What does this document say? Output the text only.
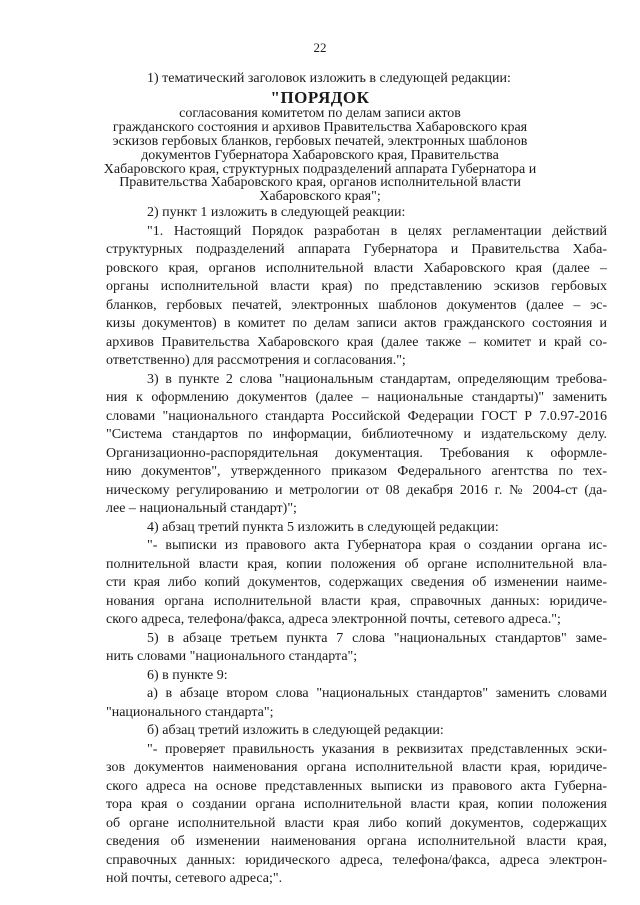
22
1) тематический заголовок изложить в следующей редакции:
"ПОРЯДОК
согласования комитетом по делам записи актов
гражданского состояния и архивов Правительства Хабаровского края
эскизов гербовых бланков, гербовых печатей, электронных шаблонов
документов Губернатора Хабаровского края, Правительства
Хабаровского края, структурных подразделений аппарата Губернатора и
Правительства Хабаровского края, органов исполнительной власти
Хабаровского края";
2) пункт 1 изложить в следующей реакции:
"1. Настоящий Порядок разработан в целях регламентации действий
структурных подразделений аппарата Губернатора и Правительства Хаба-
ровского края, органов исполнительной власти Хабаровского края (далее –
органы исполнительной власти края) по представлению эскизов гербовых
бланков, гербовых печатей, электронных шаблонов документов (далее – эс-
кизы документов) в комитет по делам записи актов гражданского состояния и
архивов Правительства Хабаровского края (далее также – комитет и край со-
ответственно) для рассмотрения и согласования.";
3) в пункте 2 слова "национальным стандартам, определяющим требова-
ния к оформлению документов (далее – национальные стандарты)" заменить
словами "национального стандарта Российской Федерации ГОСТ Р 7.0.97-2016
"Система стандартов по информации, библиотечному и издательскому делу.
Организационно-распорядительная документация. Требования к оформле-
нию документов", утвержденного приказом Федерального агентства по тех-
ническому регулированию и метрологии от 08 декабря 2016 г. № 2004-ст (да-
лее – национальный стандарт)";
4) абзац третий пункта 5 изложить в следующей редакции:
"- выписки из правового акта Губернатора края о создании органа ис-
полнительной власти края, копии положения об органе исполнительной вла-
сти края либо копий документов, содержащих сведения об изменении наиме-
нования органа исполнительной власти края, справочных данных: юридиче-
ского адреса, телефона/факса, адреса электронной почты, сетевого адреса.";
5) в абзаце третьем пункта 7 слова "национальных стандартов" заме-
нить словами "национального стандарта";
6) в пункте 9:
а) в абзаце втором слова "национальных стандартов" заменить словами
"национального стандарта";
б) абзац третий изложить в следующей редакции:
"- проверяет правильность указания в реквизитах представленных эски-
зов документов наименования органа исполнительной власти края, юридиче-
ского адреса на основе представленных выписки из правового акта Губерна-
тора края о создании органа исполнительной власти края, копии положения
об органе исполнительной власти края либо копий документов, содержащих
сведения об изменении наименования органа исполнительной власти края,
справочных данных: юридического адреса, телефона/факса, адреса электрон-
ной почты, сетевого адреса;".
